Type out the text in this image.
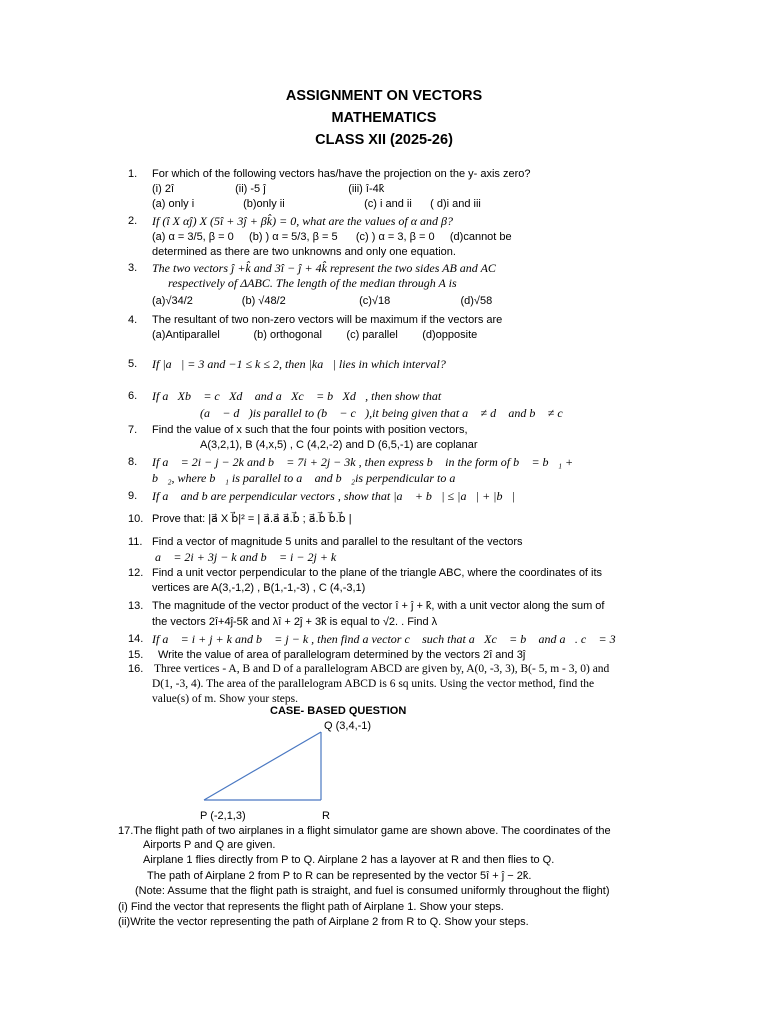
ASSIGNMENT ON VECTORS
MATHEMATICS
CLASS XII (2025-26)
1. For which of the following vectors has/have the projection on the y- axis zero?
(i) 2î                    (ii) -5 ĵ                           (iii) î-4k̂
(a) only i                (b)only ii                          (c) i and ii      ( d)i and iii
2. If (î X αĵ) X (5î + 3ĵ + βk̂) = 0, what are the values of α and β?
(a) α = 3/5, β = 0     (b) ) α = 5/3, β = 5      (c) ) α = 3, β = 0     (d)cannot be
determined as there are two unknowns and only one equation.
3. The two vectors ĵ +k̂ and 3î − ĵ + 4k̂ represent the two sides AB and AC
respectively of ΔABC. The length of the median through A is
(a)√34/2                (b) √48/2                        (c)√18                       (d)√58
4. The resultant of two non-zero vectors will be maximum if the vectors are
(a)Antiparallel           (b) orthogonal        (c) parallel        (d)opposite
5. If |a⃗| = 3 and −1 ≤ k ≤ 2, then |ka⃗| lies in which interval?
6. If a⃗Xb⃗ = c⃗Xd⃗ and a⃗Xc⃗ = b⃗Xd⃗, then show that
(a⃗ − d⃗)is parallel to (b⃗ − c⃗),it being given that a⃗ ≠ d⃗ and b⃗ ≠ c⃗
7. Find the value of x such that the four points with position vectors,
A(3,2,1), B (4,x,5) , C (4,2,-2) and D (6,5,-1) are coplanar
8. If a⃗ = 2i − j − 2k and b⃗ = 7i + 2j − 3k , then express b⃗ in the form of b⃗ = b⃗₁ +
b⃗₂, where b⃗₁ is parallel to a⃗ and b⃗₂is perpendicular to a⃗
9. If a⃗ and b are perpendicular vectors , show that |a⃗ + b⃗| ≤ |a⃗| + |b⃗|
10. Prove that: |a⃗ X b⃗|² = | a⃗.a⃗ a⃗.b⃗ ; a⃗.b⃗ b⃗.b⃗ |
11. Find a vector of magnitude 5 units and parallel to the resultant of the vectors
a⃗ = 2i + 3j − k and b⃗ = i − 2j + k
12. Find a unit vector perpendicular to the plane of the triangle ABC, where the coordinates of its
vertices are A(3,-1,2) , B(1,-1,-3) , C (4,-3,1)
13. The magnitude of the vector product of the vector î + ĵ + k̂, with a unit vector along the sum of
the vectors 2î+4ĵ-5k̂ and λî + 2ĵ + 3k̂ is equal to √2. . Find λ
14. If a⃗ = i + j + k and b⃗ = j − k , then find a vector c⃗ such that a⃗Xc⃗ = b⃗ and a⃗. c⃗ = 3
15. Write the value of area of parallelogram determined by the vectors 2î and 3ĵ
16. Three vertices - A, B and D of a parallelogram ABCD are given by, A(0, -3, 3), B(- 5, m - 3, 0) and
D(1, -3, 4). The area of the parallelogram ABCD is 6 sq units. Using the vector method, find the
value(s) of m. Show your steps.
CASE- BASED QUESTION
Q (3,4,-1)
P (-2,1,3)	R
17.The flight path of two airplanes in a flight simulator game are shown above. The coordinates of the
Airports P and Q are given.
Airplane 1 flies directly from P to Q. Airplane 2 has a layover at R and then flies to Q.
The path of Airplane 2 from P to R can be represented by the vector 5î + ĵ − 2k̂.
(Note: Assume that the flight path is straight, and fuel is consumed uniformly throughout the flight)
(i) Find the vector that represents the flight path of Airplane 1. Show your steps.
(ii)Write the vector representing the path of Airplane 2 from R to Q. Show your steps.
